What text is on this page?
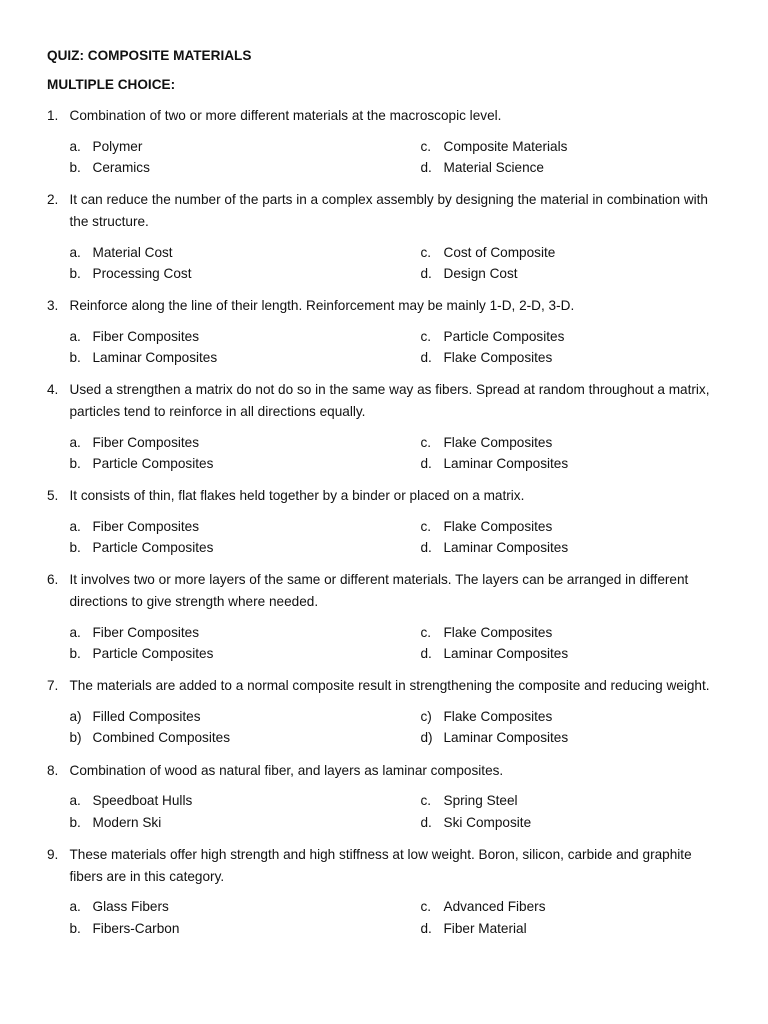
QUIZ: COMPOSITE MATERIALS
MULTIPLE CHOICE:
1. Combination of two or more different materials at the macroscopic level.
a. Polymer	c. Composite Materials
b. Ceramics	d. Material Science
2. It can reduce the number of the parts in a complex assembly by designing the material in combination with the structure.
a. Material Cost	c. Cost of Composite
b. Processing Cost	d. Design Cost
3. Reinforce along the line of their length. Reinforcement may be mainly 1-D, 2-D, 3-D.
a. Fiber Composites	c. Particle Composites
b. Laminar Composites	d. Flake Composites
4. Used a strengthen a matrix do not do so in the same way as fibers. Spread at random throughout a matrix, particles tend to reinforce in all directions equally.
a. Fiber Composites	c. Flake Composites
b. Particle Composites	d. Laminar Composites
5. It consists of thin, flat flakes held together by a binder or placed on a matrix.
a. Fiber Composites	c. Flake Composites
b. Particle Composites	d. Laminar Composites
6. It involves two or more layers of the same or different materials. The layers can be arranged in different directions to give strength where needed.
a. Fiber Composites	c. Flake Composites
b. Particle Composites	d. Laminar Composites
7. The materials are added to a normal composite result in strengthening the composite and reducing weight.
a) Filled Composites	c) Flake Composites
b) Combined Composites	d) Laminar Composites
8. Combination of wood as natural fiber, and layers as laminar composites.
a. Speedboat Hulls	c. Spring Steel
b. Modern Ski	d. Ski Composite
9. These materials offer high strength and high stiffness at low weight. Boron, silicon, carbide and graphite fibers are in this category.
a. Glass Fibers	c. Advanced Fibers
b. Fibers-Carbon	d. Fiber Material
